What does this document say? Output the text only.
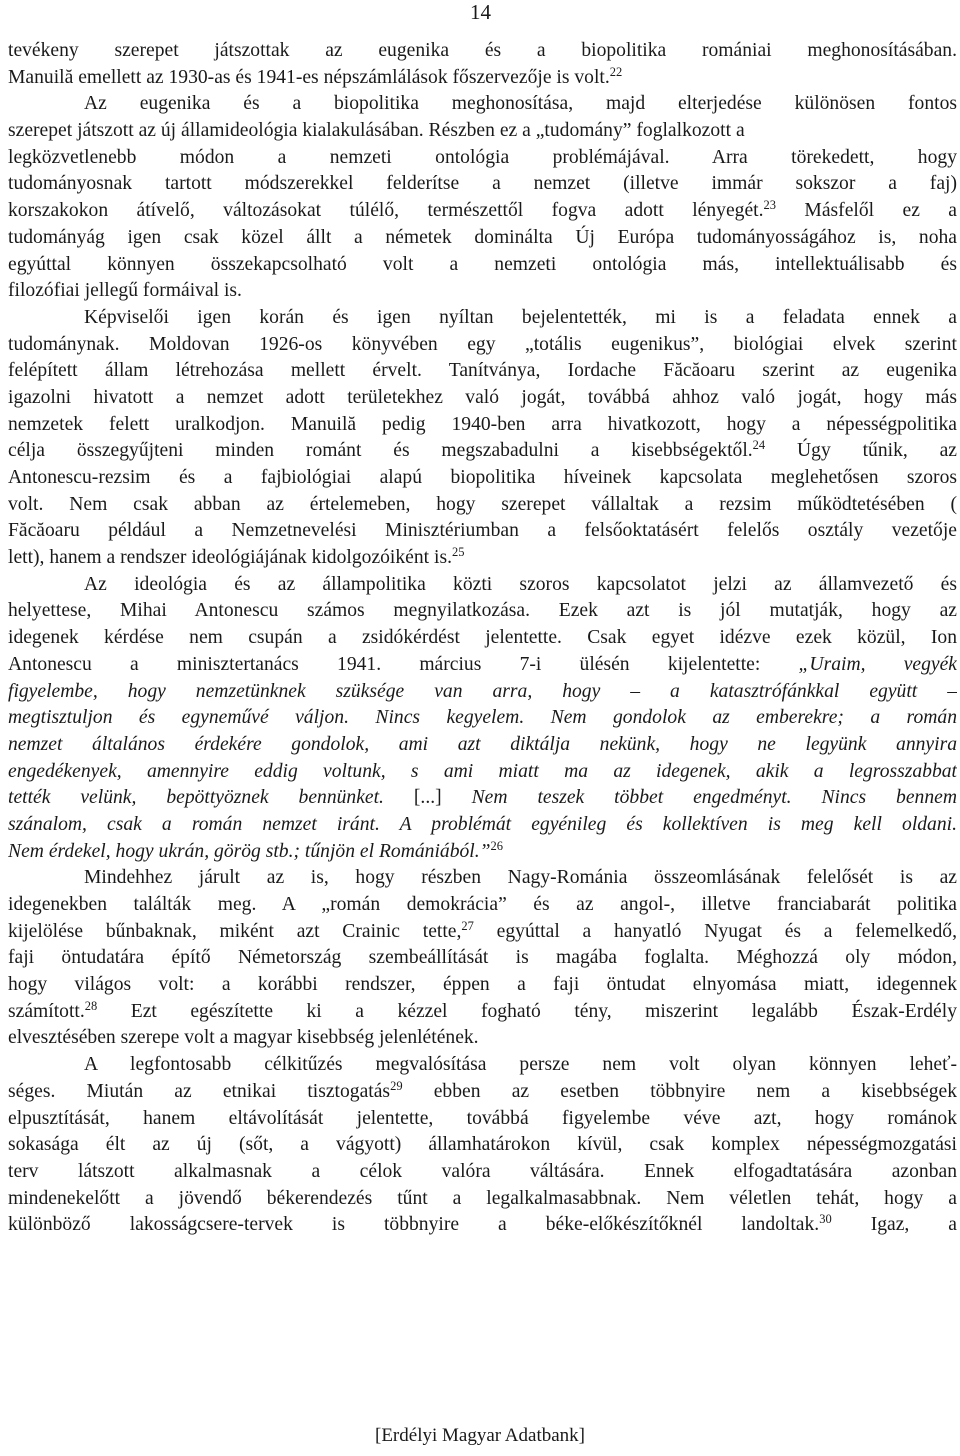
14
tevékeny szerepet játszottak az eugenika és a biopolitika romániai meghonosításában.
Manuilă emellett az 1930-as és 1941-es népszámlálások főszervezője is volt.$^{22}$
Az eugenika és a biopolitika meghonosítása, majd elterjedése különösen fontos
szerepet játszott az új államideológia kialakulásában. Részben ez a „tudomány” foglalkozott a
legközvetlenebb módon a nemzeti ontológia problémájával. Arra törekedett, hogy
tudományosnak tartott módszerekkel felderítse a nemzet (illetve immár sokszor a faj)
korszakokon átívelő, változásokat túlélő, természettől fogva adott lényegét.$^{23}$ Másfelől ez a
tudományág igen csak közel állt a németek dominálta Új Európa tudományosságához is, noha
egyúttal könnyen összekapcsolható volt a nemzeti ontológia más, intellektuálisabb és
filozófiai jellegű formáival is.
Képviselői igen korán és igen nyíltan bejelentették, mi is a feladata ennek a
tudománynak. Moldovan 1926-os könyvében egy „totális eugenikus”, biológiai elvek szerint
felépített állam létrehozása mellett érvelt. Tanítványa, Iordache Făcăoaru szerint az eugenika
igazolni hivatott a nemzet adott területekhez való jogát, továbbá ahhoz való jogát, hogy más
nemzetek felett uralkodjon. Manuilă pedig 1940-ben arra hivatkozott, hogy a népességpolitika
célja összegyűjteni minden románt és megszabadulni a kisebbségektől.$^{24}$ Úgy tűnik, az
Antonescu-rezsim és a fajbiológiai alapú biopolitika híveinek kapcsolata meglehetősen szoros
volt. Nem csak abban az értelemeben, hogy szerepet vállaltak a rezsim működtetésében (
Făcăoaru például a Nemzetnevelési Minisztériumban a felsőoktatásért felelős osztály vezetője
lett), hanem a rendszer ideológiájának kidolgozóiként is.$^{25}$
Az ideológia és az állampolitika közti szoros kapcsolatot jelzi az államvezető és
helyettese, Mihai Antonescu számos megnyilatkozása. Ezek azt is jól mutatják, hogy az
idegenek kérdése nem csupán a zsidókérdést jelentette. Csak egyet idézve ezek közül, Ion
Antonescu a minisztertanács 1941. március 7-i ülésén kijelentette: „Uraim, vegyék
figyelembe, hogy nemzetünknek szüksége van arra, hogy – a katasztrófánkkal együtt –
megtisztuljon és egyneművé váljon. Nincs kegyelem. Nem gondolok az emberekre; a román
nemzet általános érdekére gondolok, ami azt diktálja nekünk, hogy ne legyünk annyira
engedékenyek, amennyire eddig voltunk, s ami miatt ma az idegenek, akik a legrosszabbat
tették velünk, bepöttyöznek bennünket. [...] Nem teszek többet engedményt. Nincs bennem
szánalom, csak a román nemzet iránt. A problémát egyénileg és kollektíven is meg kell oldani.
Nem érdekel, hogy ukrán, görög stb.; tűnjön el Romániából.”$^{26}$
Mindehhez járult az is, hogy részben Nagy-Románia összeomlásának felelősét is az
idegenekben találták meg. A „román demokrácia” és az angol-, illetve franciabarát politika
kijelölése bűnbaknak, miként azt Crainic tette,$^{27}$ egyúttal a hanyatló Nyugat és a felemelkedő,
faji öntudatára építő Németország szembeállítását is magába foglalta. Méghozzá oly módon,
hogy világos volt: a korábbi rendszer, éppen a faji öntudat elnyomása miatt, idegennek
számított.$^{28}$ Ezt egészítette ki a kézzel fogható tény, miszerint legalább Észak-Erdély
elvesztésében szerepe volt a magyar kisebbség jelenlétének.
A legfontosabb célkitűzés megvalósítása persze nem volt olyan könnyen leheť-
séges. Miután az etnikai tisztogatás$^{29}$ ebben az esetben többnyire nem a kisebbségek
elpusztítását, hanem eltávolítását jelentette, továbbá figyelembe véve azt, hogy románok
sokasága élt az új (sőt, a vágyott) államhatárokon kívül, csak komplex népességmozgatási
terv látszott alkalmasnak a célok valóra váltására. Ennek elfogadtatására azonban
mindenekelőtt a jövendő békerendezés tűnt a legalkalmasabbnak. Nem véletlen tehát, hogy a
különböző lakosságcsere-tervek is többnyire a béke-előkészítőknél landoltak.$^{30}$ Igaz, a
[Erdélyi Magyar Adatbank]
